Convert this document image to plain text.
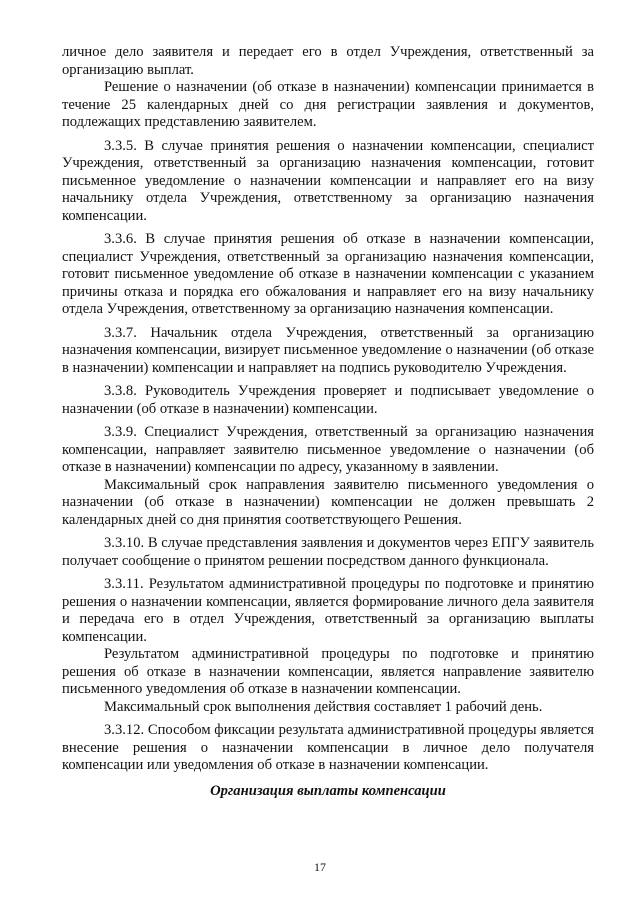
личное дело заявителя и передает его в отдел Учреждения, ответственный за организацию выплат.

Решение о назначении (об отказе в назначении) компенсации принимается в течение 25 календарных дней со дня регистрации заявления и документов, подлежащих представлению заявителем.

3.3.5. В случае принятия решения о назначении компенсации, специалист Учреждения, ответственный за организацию назначения компенсации, готовит письменное уведомление о назначении компенсации и направляет его на визу начальнику отдела Учреждения, ответственному за организацию назначения компенсации.

3.3.6. В случае принятия решения об отказе в назначении компенсации, специалист Учреждения, ответственный за организацию назначения компенсации, готовит письменное уведомление об отказе в назначении компенсации с указанием причины отказа и порядка его обжалования и направляет его на визу начальнику отдела Учреждения, ответственному за организацию назначения компенсации.

3.3.7. Начальник отдела Учреждения, ответственный за организацию назначения компенсации, визирует письменное уведомление о назначении (об отказе в назначении) компенсации и направляет на подпись руководителю Учреждения.

3.3.8. Руководитель Учреждения проверяет и подписывает уведомление о назначении (об отказе в назначении) компенсации.

3.3.9. Специалист Учреждения, ответственный за организацию назначения компенсации, направляет заявителю письменное уведомление о назначении (об отказе в назначении) компенсации по адресу, указанному в заявлении.

Максимальный срок направления заявителю письменного уведомления о назначении (об отказе в назначении) компенсации не должен превышать 2 календарных дней со дня принятия соответствующего Решения.

3.3.10. В случае представления заявления и документов через ЕПГУ заявитель получает сообщение о принятом решении посредством данного функционала.

3.3.11. Результатом административной процедуры по подготовке и принятию решения о назначении компенсации, является формирование личного дела заявителя и передача его в отдел Учреждения, ответственный за организацию выплаты компенсации.

Результатом административной процедуры по подготовке и принятию решения об отказе в назначении компенсации, является направление заявителю письменного уведомления об отказе в назначении компенсации.

Максимальный срок выполнения действия составляет 1 рабочий день.

3.3.12. Способом фиксации результата административной процедуры является внесение решения о назначении компенсации в личное дело получателя компенсации или уведомления об отказе в назначении компенсации.

Организация выплаты компенсации
17
